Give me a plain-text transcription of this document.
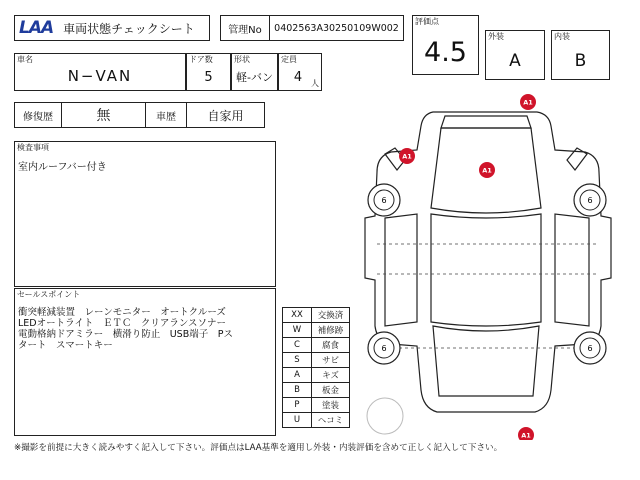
LAA 車両状態チェックシート	管理No	0402563A30250109W002
評価点
4.5	外装
A
内装
B
車名
N−VAN
ドア数
5
形状
軽-バン
定員
4	人
修復歴	無	車歴	自家用
検査事項
室内ルーフバー付き
セールスポイント
衝突軽減装置　レーンモニター　オートクルーズ
LEDオートライト　ＥＴＣ　クリアランスソナー
電動格納ドアミラー　横滑り防止　USB端子　Pス
タート　スマートキー
XX	交換済
W	補修跡
C	腐食
S	サビ
A	キズ
B	板金
P	塗装
U	ヘコミ
6	6
6	6
A1
A1
A1
A1
※撮影を前提に大きく読みやすく記入して下さい。評価点はLAA基準を適用し外装・内装評価を含めて正しく記入して下さい。
